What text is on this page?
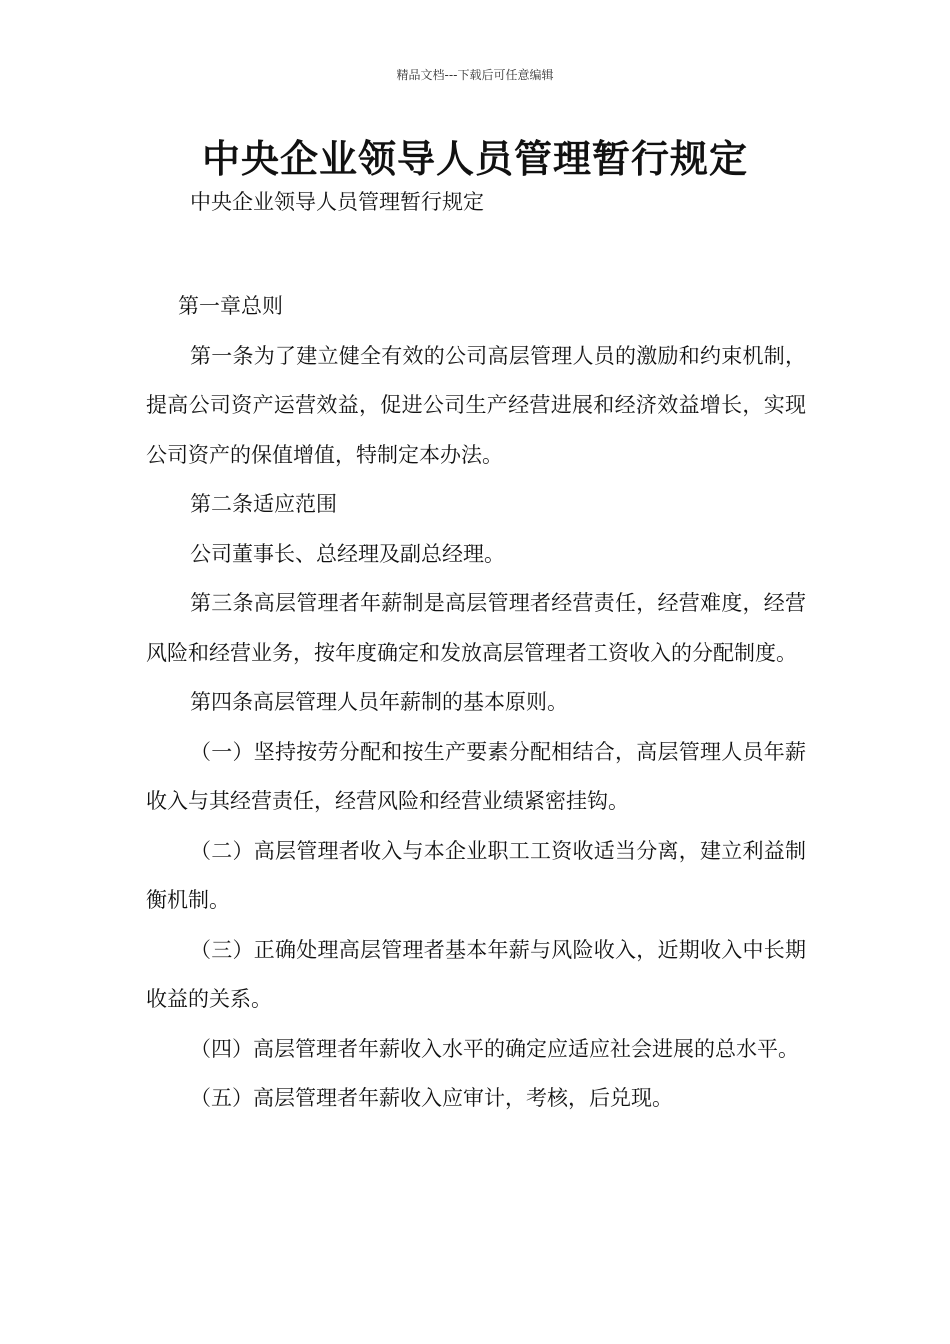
精品文档---下载后可任意编辑
中央企业领导人员管理暂行规定
中央企业领导人员管理暂行规定

第一章总则

第一条为了建立健全有效的公司高层管理人员的激励和约束机制，提高公司资产运营效益，促进公司生产经营进展和经济效益增长，实现公司资产的保值增值，特制定本办法。

第二条适应范围

公司董事长、总经理及副总经理。

第三条高层管理者年薪制是高层管理者经营责任，经营难度，经营风险和经营业务，按年度确定和发放高层管理者工资收入的分配制度。

第四条高层管理人员年薪制的基本原则。

（一）坚持按劳分配和按生产要素分配相结合，高层管理人员年薪收入与其经营责任，经营风险和经营业绩紧密挂钩。

（二）高层管理者收入与本企业职工工资收适当分离，建立利益制衡机制。

（三）正确处理高层管理者基本年薪与风险收入，近期收入中长期收益的关系。

（四）高层管理者年薪收入水平的确定应适应社会进展的总水平。

（五）高层管理者年薪收入应审计，考核，后兑现。
